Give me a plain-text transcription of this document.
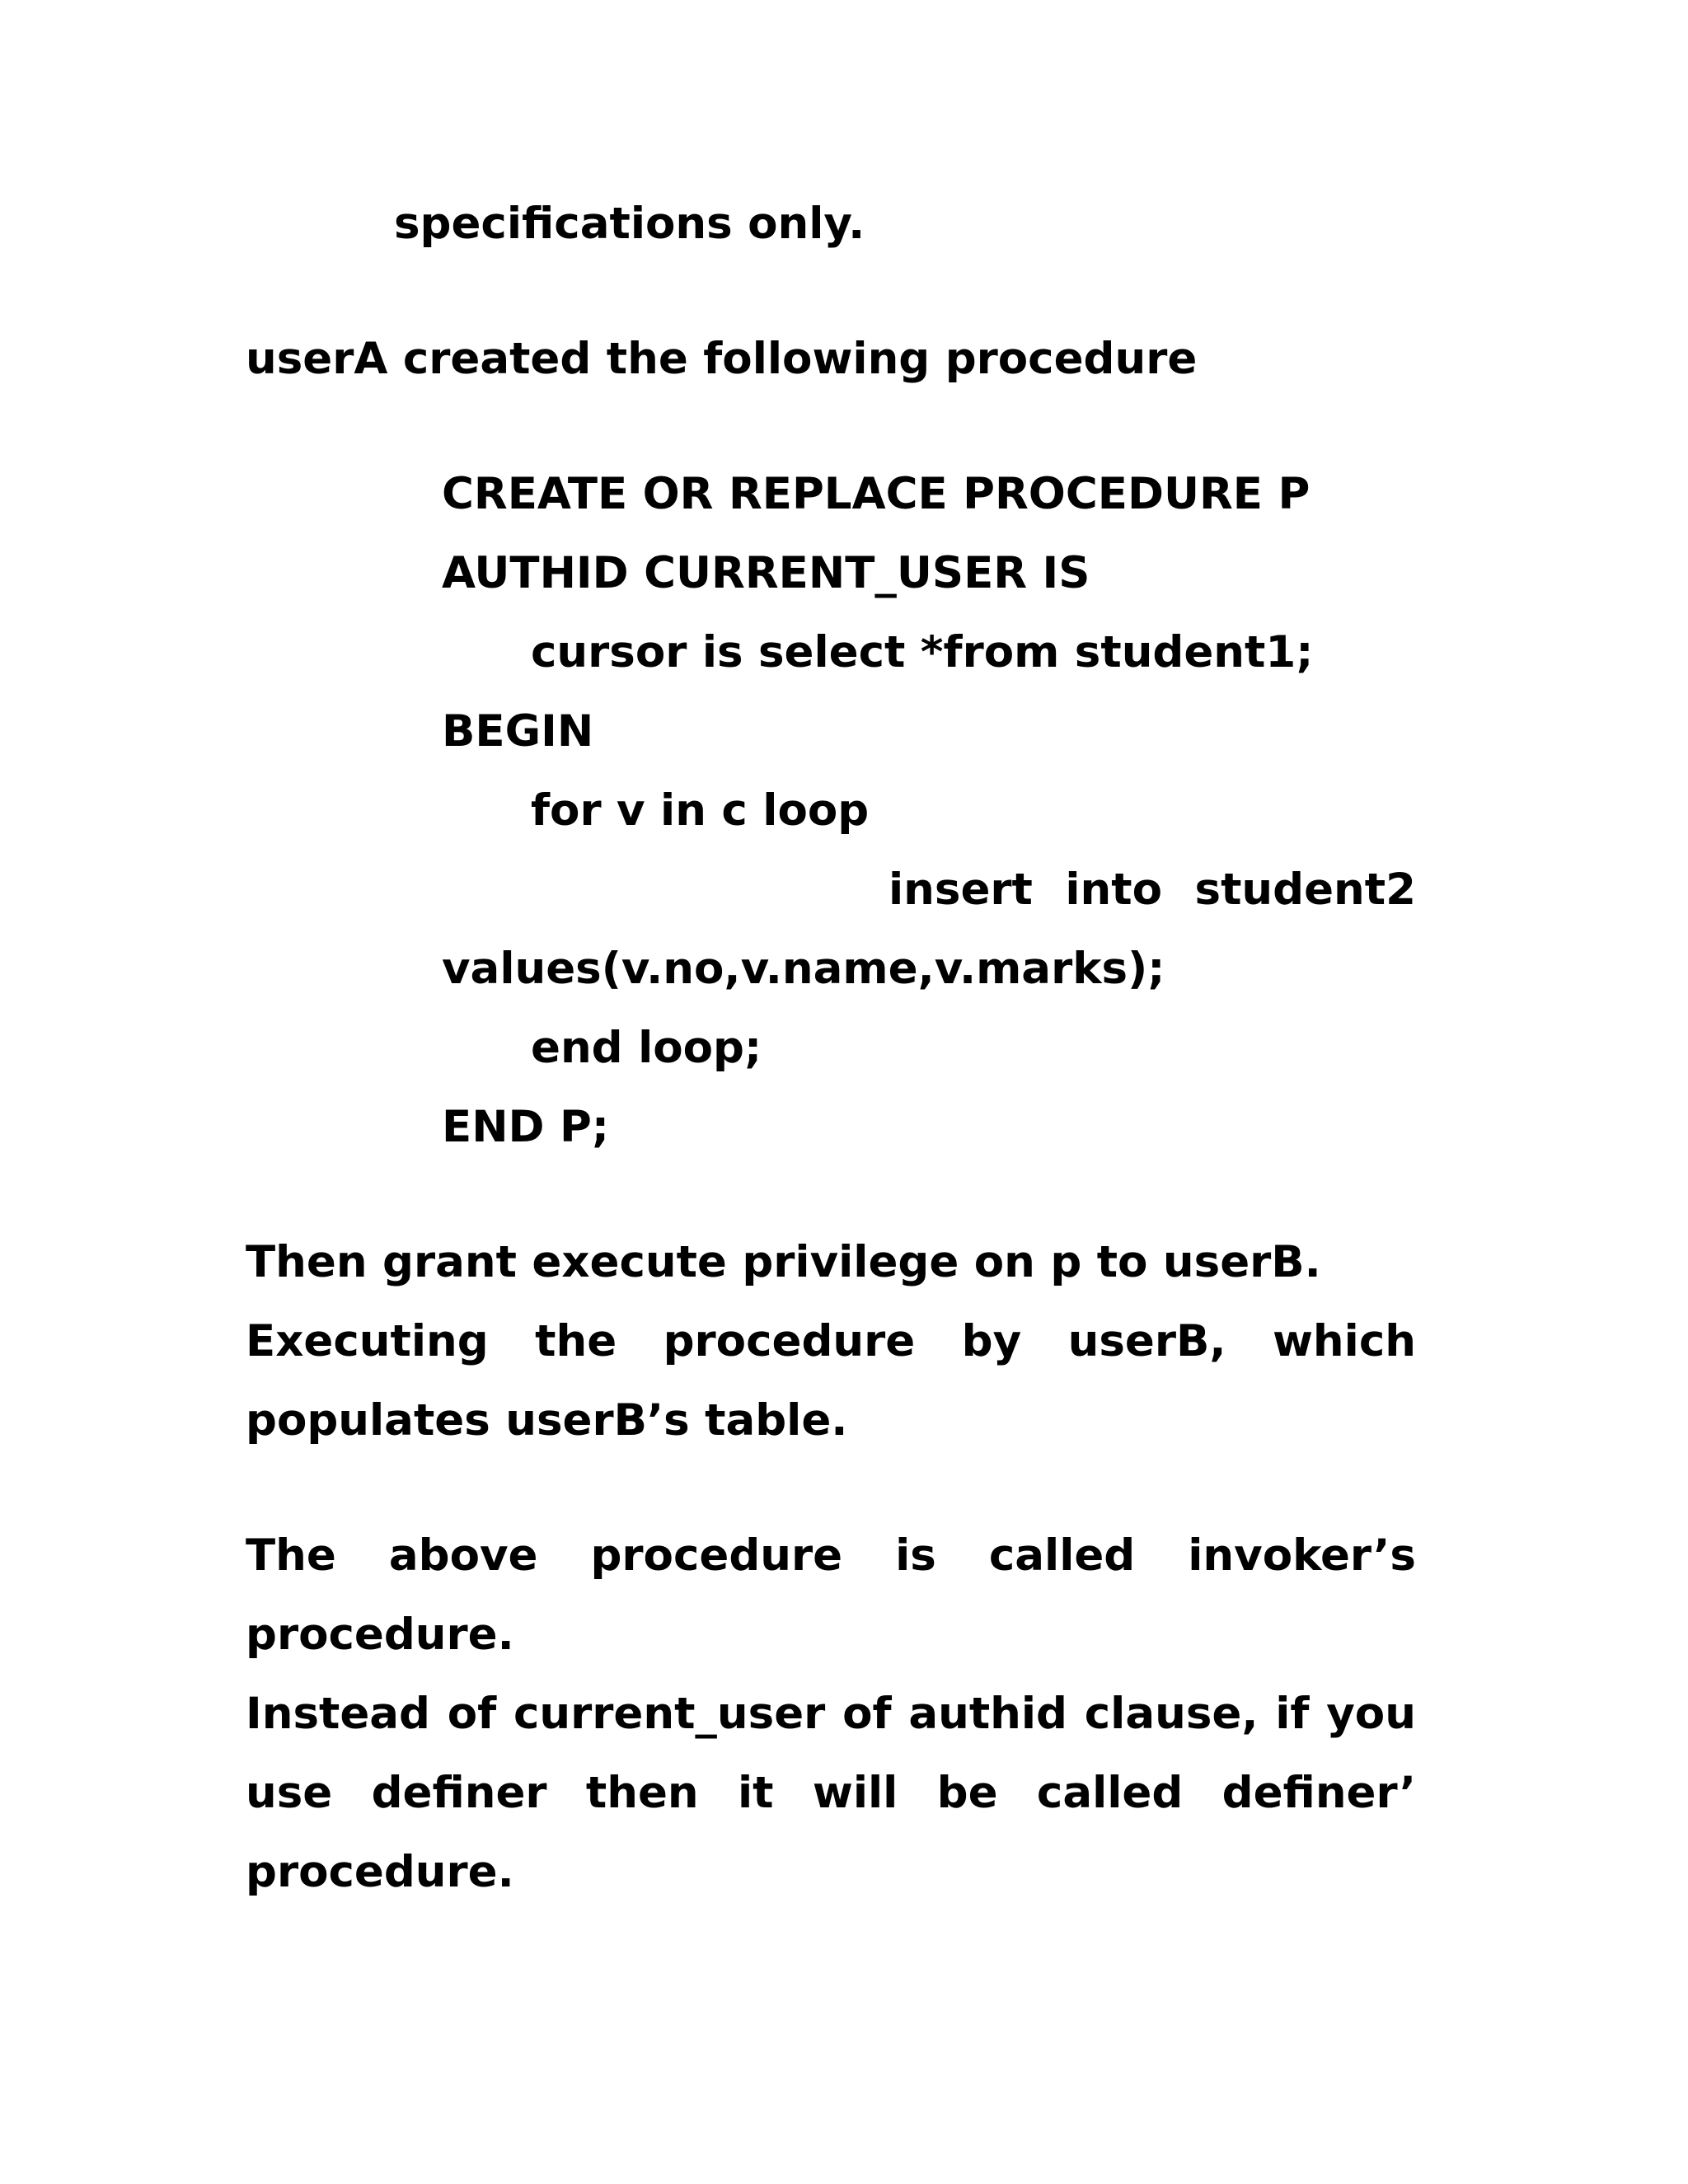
specifications only.

userA created the following procedure

CREATE OR REPLACE PROCEDURE P

AUTHID CURRENT_USER IS

cursor is select *from student1;

BEGIN

for v in c loop

insert into student2

values(v.no,v.name,v.marks);

end loop;

END P;

Then grant execute privilege on p to userB.

Executing the procedure by userB, which

populates userB’s table.

The above procedure is called invoker’s

procedure.

Instead of current_user of authid clause, if you

use definer then it will be called definer’

procedure.
